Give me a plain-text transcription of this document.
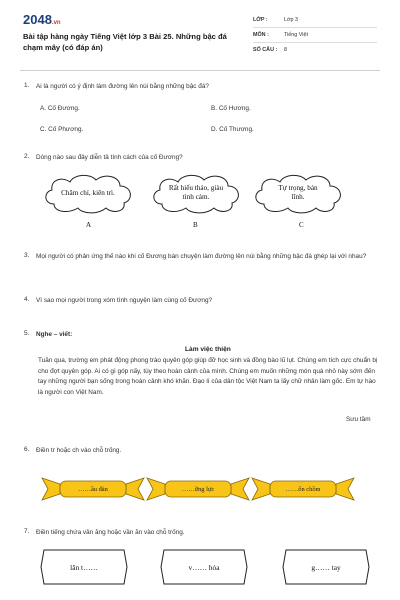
2048.vn
Bài tập hàng ngày Tiếng Việt lớp 3 Bài 25. Những bậc đá chạm mây (có đáp án)
LỚP :	Lớp 3
MÔN :	Tiếng Việt
SỐ CÂU : 8
1. Ai là người có ý định làm đường lên núi bằng những bậc đá?
A. Cố Đương.	B. Cố Hương.
C. Cố Phương.	D. Cố Thương.
2. Dòng nào sau đây diễn tả tính cách của cố Đương?
Chăm chỉ, kiên trì.
A
Rất hiếu thảo, giàu tình cảm.
B
Tự trọng, bản lĩnh.
C
3. Mọi người có phản ứng thế nào khi cố Đương bàn chuyện làm đường lên núi bằng những bậc đá ghép lại với nhau?
4. Vì sao mọi người trong xóm tình nguyện làm cùng cố Đương?
5. Nghe – viết:
Làm việc thiện
Tuần qua, trường em phát động phong trào quyên góp giúp đỡ học sinh và đồng bào lũ lụt. Chúng em tích cực chuẩn bị cho đợt quyên góp. Ai có gì góp nấy, tùy theo hoàn cảnh của mình. Chúng em muốn những món quà nhỏ này sớm đến tay những người bạn sống trong hoàn cảnh khó khăn. Đạo lí của dân tộc Việt Nam ta lấy chữ nhân làm gốc. Em tự hào là người con Việt Nam.
Sưu tầm
6. Điền tr hoặc ch vào chỗ trống.
……ầu đàn	……ững lực	……ốn chồm
7. Điền tiếng chứa vần ăng hoặc vần ăn vào chỗ trống.
lăn t……	v…… hỏa	g…… tay
